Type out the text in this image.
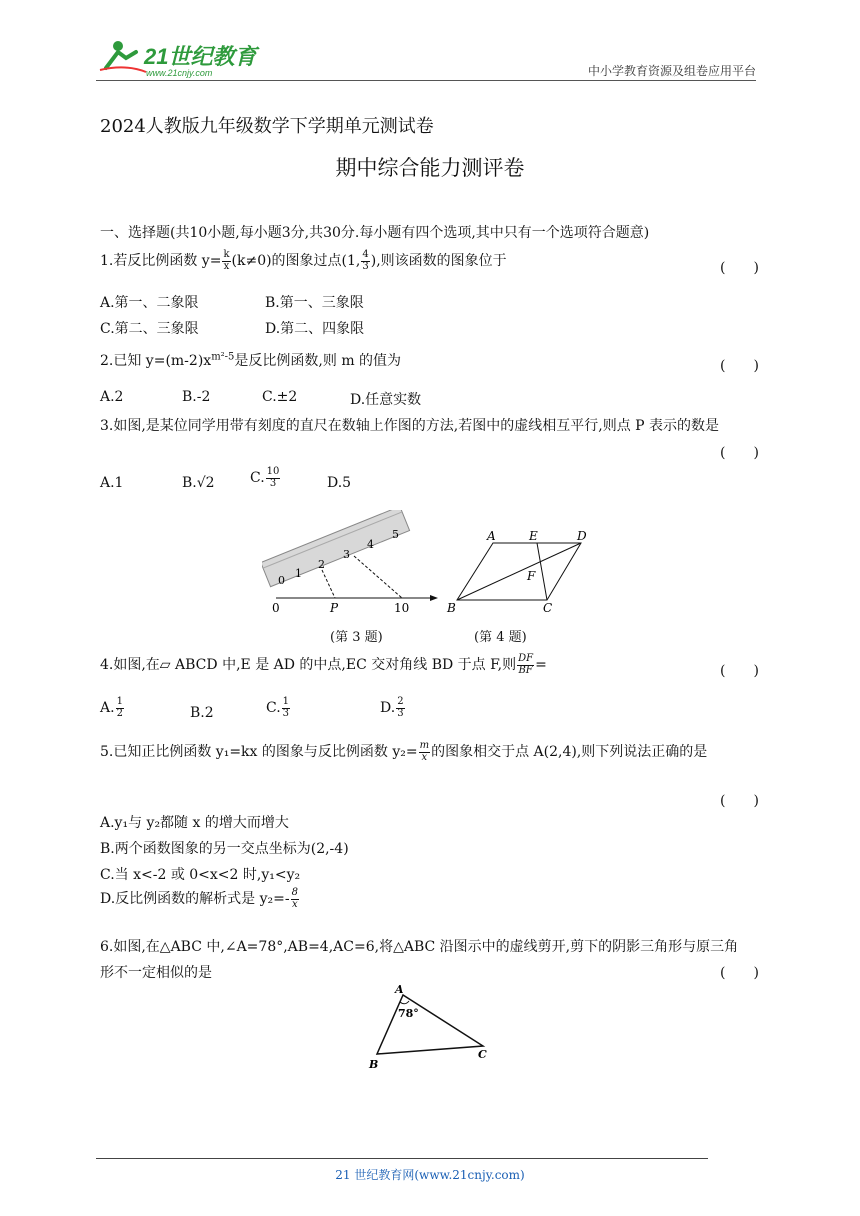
21世纪教育
www.21cnjy.com	中小学教育资源及组卷应用平台
2024人教版九年级数学下学期单元测试卷
期中综合能力测评卷
一、选择题(共10小题,每小题3分,共30分.每小题有四个选项,其中只有一个选项符合题意)
1.若反比例函数 $y= \frac{k}{x} (k\ne 0)$的图象过点(1, $\frac{4}{3}$ ),则该函数的图象位于	(　　)
A.第一、二象限	B.第一、三象限
C.第二、三象限	D.第二、四象限
2.已知 $y=(m-2)x^{m^2-5}$是反比例函数,则 m 的值为	(　　)
A.2	B.-2	C.±2	D.任意实数
3.如图,是某位同学用带有刻度的直尺在数轴上作图的方法,若图中的虚线相互平行,则点 P 表示的数是
(　　)
A.1	B.√2	C. $\frac{10}{3}$	D.5
0
1
2
3
4
5
0	P	10
A	E	D
F
B	C
(第 3 题)	(第 4 题)
4.如图,在▱ ABCD 中,E 是 AD 的中点,EC 交对角线 BD 于点 F,则 $\frac{DF}{BF}$ =	(　　)
A. $\frac{1}{2}$	B.2	C. $\frac{1}{3}$	D. $\frac{2}{3}$
5.已知正比例函数 y₁=kx 的图象与反比例函数 $y_2= \frac{m}{x}$ 的图象相交于点 A(2,4),则下列说法正确的是
(　　)
A.y₁与 y₂都随 x 的增大而增大
B.两个函数图象的另一交点坐标为(2,-4)
C.当 x<-2 或 0<x<2 时,y₁<y₂
D.反比例函数的解析式是 $y_2=- \frac{8}{x}$
6.如图,在△ABC 中,∠A=78°,AB=4,AC=6,将△ABC 沿图示中的虚线剪开,剪下的阴影三角形与原三角
形不一定相似的是	(　　)
A
78°
B
C
21 世纪教育网(www.21cnjy.com)
